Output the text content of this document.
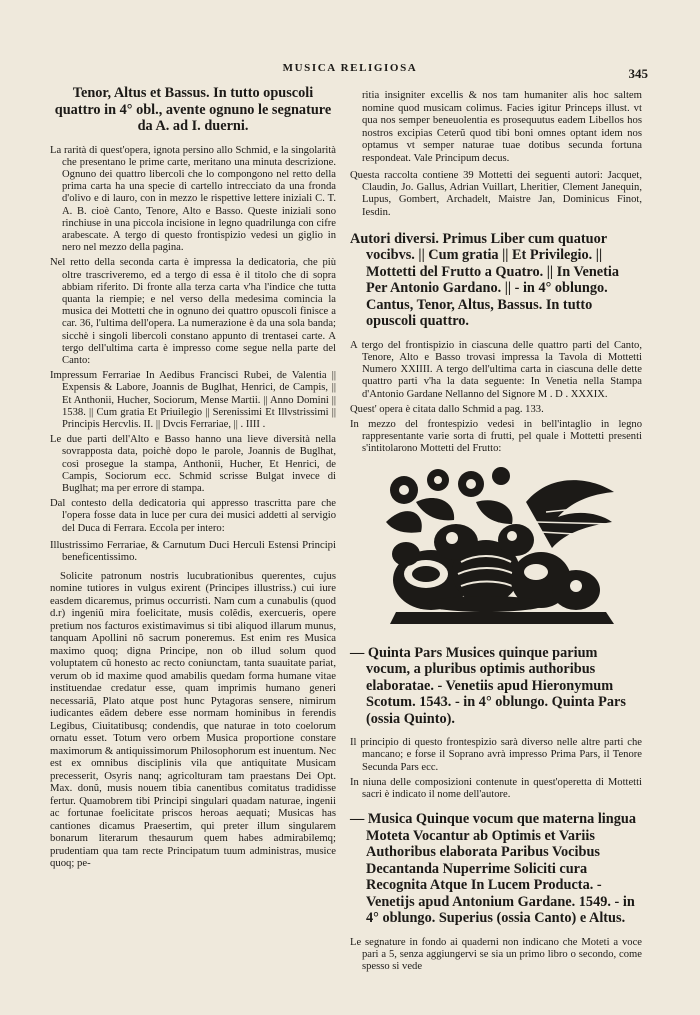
MUSICA RELIGIOSA	345
Tenor, Altus et Bassus. In tutto opuscoli quattro in 4° obl., avente ognuno le segnature da A. ad I. duerni.

La rarità di quest'opera, ignota persino allo Schmid, e la singolarità che presentano le prime carte, meritano una minuta descrizione. Ognuno dei quattro libercoli che lo compongono nel retto della prima carta ha una specie di cartello intrecciato da una fronda d'olivo e di lauro, con in mezzo le rispettive lettere iniziali C. T. A. B. cioè Canto, Tenore, Alto e Basso. Queste iniziali sono rinchiuse in una piccola incisione in legno quadrilunga con cifre arabescate. A tergo di questo frontispizio vedesi un giglio in nero nel mezzo della pagina.

Nel retto della seconda carta è impressa la dedicatoria, che più oltre trascriveremo, ed a tergo di essa è il titolo che di sopra abbiam riferito. Di fronte alla terza carta v'ha l'indice che tutta quanta la riempie; e nel verso della medesima comincia la musica dei Mottetti che in ognuno dei quattro opuscoli finisce a car. 36, l'ultima dell'opera. La numerazione è da una sola banda; sicchè i singoli libercoli constano appunto di trentasei carte. A tergo dell'ultima carta è impresso come segue nella parte del Canto:

Impressum Ferrariae In Aedibus Francisci Rubei, de Valentia || Expensis & Labore, Joannis de Buglhat, Henrici, de Campis, || Et Anthonii, Hucher, Sociorum, Mense Martii. || Anno Domini || 1538. || Cum gratia Et Priuilegio || Serenissimi Et Illvstrissimi || Principis Hercvlis. II. || Dvcis Ferrariae, || . IIII .

Le due parti dell'Alto e Basso hanno una lieve diversità nella sovrapposta data, poichè dopo le parole, Joannis de Buglhat, così prosegue la stampa, Anthonii, Hucher, Et Henrici, de Campis, Sociorum ecc. Schmid scrisse Bulgat invece di Buglhat; ma per errore di stampa.

Dal contesto della dedicatoria qui appresso trascritta pare che l'opera fosse data in luce per cura dei musici addetti al servigio del Duca di Ferrara. Eccola per intero:

Illustrissimo Ferrariae, & Carnutum Duci Herculi Estensi Principi beneficentissimo.

Solicite patronum nostris lucubrationibus querentes, cujus nomine tutiores in vulgus exirent (Principes illustriss.) cui iure easdem dicaremus, primus occurristi. Nam cum a cunabulis (quod d.r) ingeniũ mira foelicitate, musis colẽdis, exercueris, opere pretium nos facturos existimavimus si tibi aliquod illarum munus, tanquam Apollini nõ sacrum poneremus. Est enim res Musica maximo quoq; digna Principe, non ob illud solum quod voluptatem cũ honesto ac recto coniunctam, tanta suauitate pariat, verum ob id maxime quod amabilis quedam forma humane vitae instituendae credatur esse, quam imprimis humano generi necessariã, Plato atque post hunc Pytagoras sensere, nimirum iudicantes eãdem debere esse normam hominibus in ferendis Legibus, Ciuitatibusq; condendis, que naturae in toto coelorum ornatu esset. Totum vero orbem Musica proportione constare maximorum & antiquissimorum Philosophorum est inuentum. Nec est ex omnibus disciplinis vila que antiquitate Musicam precesserit, Osyris nanq; agricolturam tam praestans Dei Opt. Max. donũ, musis nouem tibia canentibus comitatus tradidisse fertur. Quamobrem tibi Principi singulari quadam naturae, ingenii ac fortunae foelicitate priscos heroas aequati; Musicas has cantiones dicamus Praesertim, qui preter illum singularem bonarum literarum thesaurum quem habes admirabilemq; prudentiam qua tam recte Principatum tuum administras, musice quoq; pe-

ritia insigniter excellis & nos tam humaniter alis hoc saltem nomine quod musicam colimus. Facies igitur Princeps illust. vt qua nos semper beneuolentia es prosequutus eadem Libellos hos nostros excipias Ceterũ quod tibi boni omnes optant idem nos optamus vt semper naturae tuae dotibus secunda fortuna respondeat. Vale Principum decus.

Questa raccolta contiene 39 Mottetti dei seguenti autori: Jacquet, Claudin, Jo. Gallus, Adrian Vuillart, Lheritier, Clement Janequin, Lupus, Gombert, Archadelt, Maistre Jan, Dominicus Finot, Iesdin.

Autori diversi. Primus Liber cum quatuor vocibvs. || Cum gratia || Et Privilegio. || Mottetti del Frutto a Quatro. || In Venetia Per Antonio Gardano. || - in 4° oblungo. Cantus, Tenor, Altus, Bassus. In tutto opuscoli quattro.

A tergo del frontispizio in ciascuna delle quattro parti del Canto, Tenore, Alto e Basso trovasi impressa la Tavola di Mottetti Numero XXIIII. A tergo dell'ultima carta in ciascuna delle dette quattro parti v'ha la data seguente: In Venetia nella Stampa d'Antonio Gardane Nellanno del Signore M . D . XXXIX.

Quest' opera è citata dallo Schmid a pag. 133.

In mezzo del frontespizio vedesi in bell'intaglio in legno rappresentante varie sorta di frutti, pel quale i Mottetti presenti s'intitolarono Mottetti del Frutto:

— Quinta Pars Musices quinque parium vocum, a pluribus optimis authoribus elaboratae. - Venetiis apud Hieronymum Scotum. 1543. - in 4° oblungo. Quinta Pars (ossia Quinto).

Il principio di questo frontespizio sarà diverso nelle altre parti che mancano; e forse il Soprano avrà impresso Prima Pars, il Tenore Secunda Pars ecc.

In niuna delle composizioni contenute in quest'operetta di Mottetti sacri è indicato il nome dell'autore.

— Musica Quinque vocum que materna lingua Moteta Vocantur ab Optimis et Variis Authoribus elaborata Paribus Vocibus Decantanda Nuperrime Soliciti cura Recognita Atque In Lucem Producta. - Venetijs apud Antonium Gardane. 1549. - in 4° oblungo. Superius (ossia Canto) e Altus.

Le segnature in fondo ai quaderni non indicano che Moteti a voce pari a 5, senza aggiungervi se sia un primo libro o secondo, come spesso si vede
